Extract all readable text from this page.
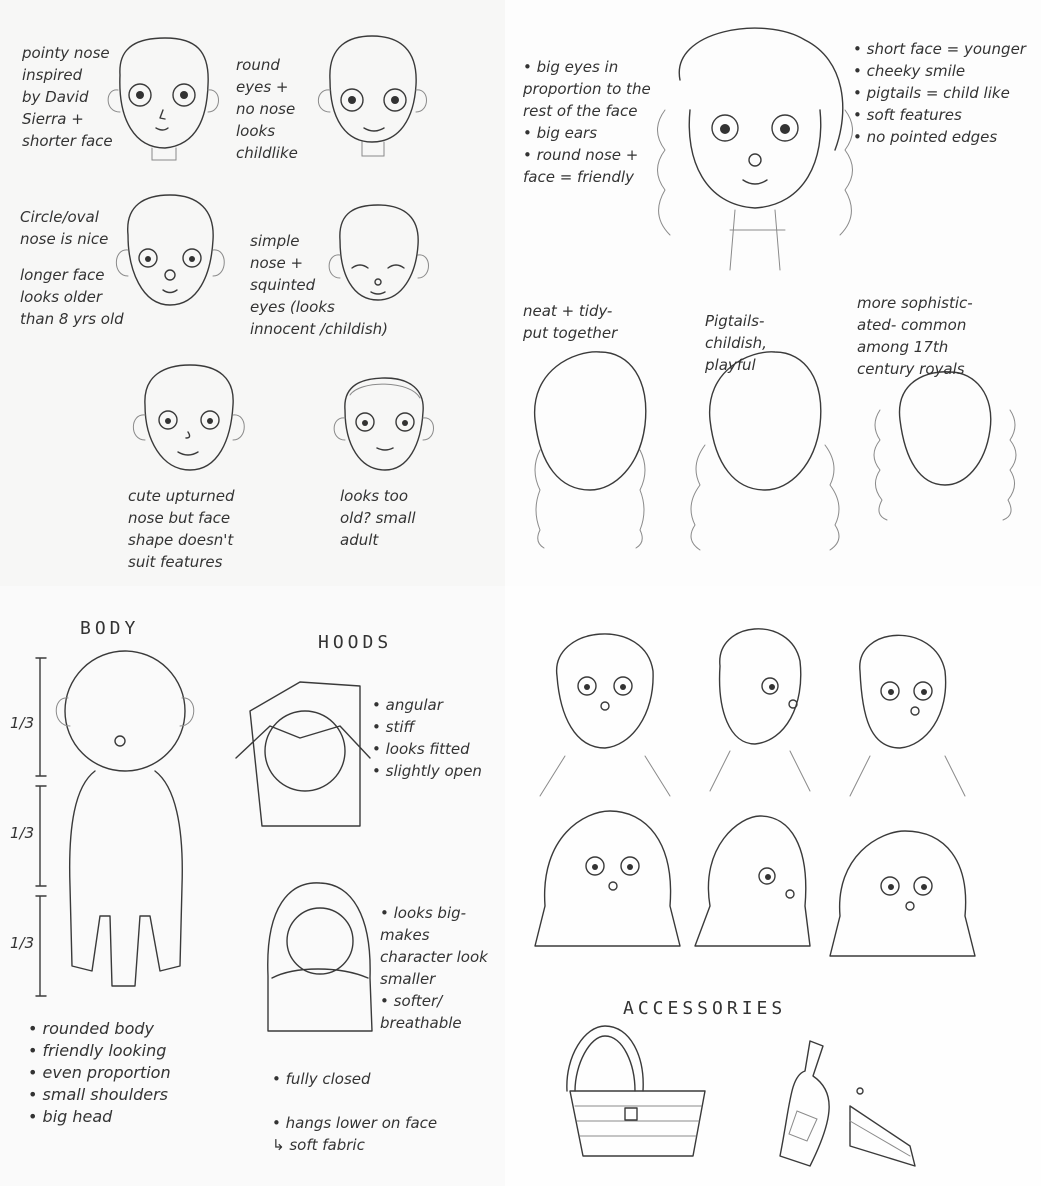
pointy nose
inspired
by David
Sierra +
shorter face
round
eyes +
no nose
looks
childlike
Circle/oval
nose is nice
longer face
looks older
than 8 yrs old
simple
nose +
squinted
eyes (looks
innocent /childish)
cute upturned
nose but face
shape doesn't
suit features
looks too
old? small
adult
• big eyes in proportion to the rest of the face
• big ears
• round nose + face = friendly
• short face = younger
• cheeky smile
• pigtails = child like
• soft features
• no pointed edges
neat + tidy-
put together
Pigtails-
childish,
playful
more sophistic-
ated- common
among 17th
century royals
BODY
HOODS
1/3
1/3
1/3
• rounded body
• friendly looking
• even proportion
• small shoulders
• big head
• angular
• stiff
• looks fitted
• slightly open
• looks big- makes character look smaller
• softer/ breathable

• fully closed

• hangs lower on face
↳ soft fabric

ACCESSORIES
